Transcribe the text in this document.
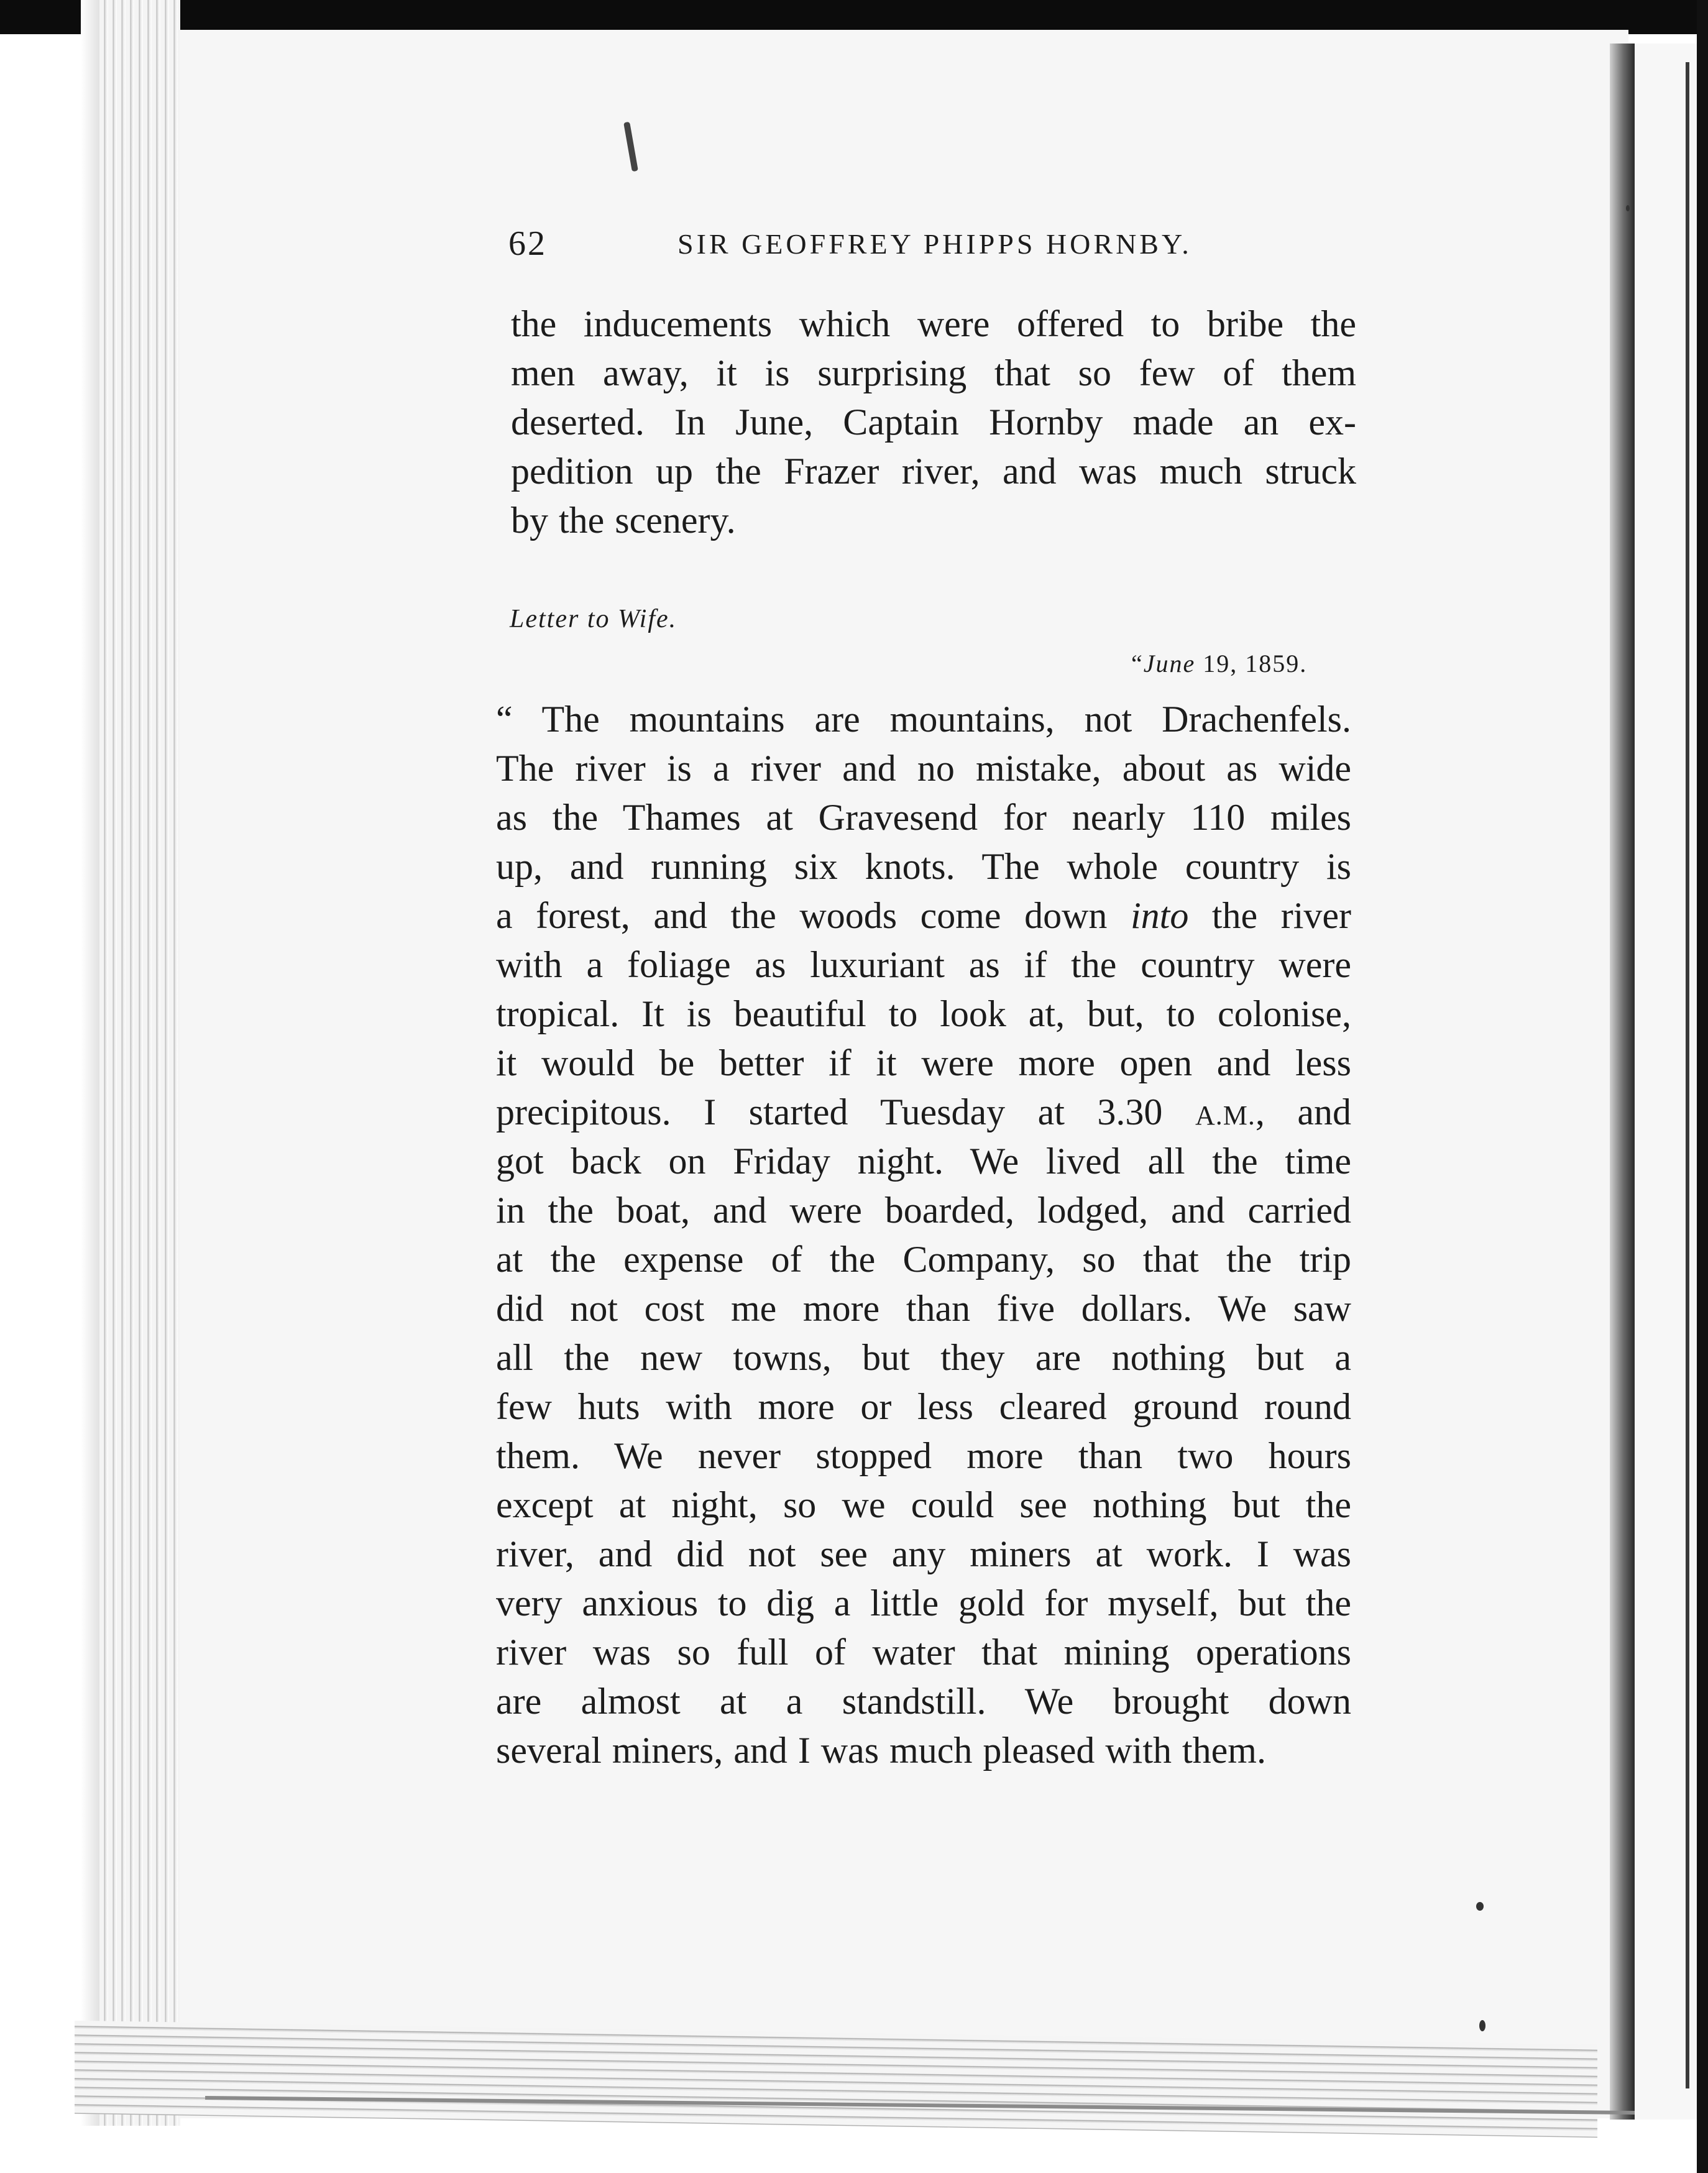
62	SIR GEOFFREY PHIPPS HORNBY.
the inducements which were offered to bribe the
men away, it is surprising that so few of them
deserted. In June, Captain Hornby made an ex-
pedition up the Frazer river, and was much struck
by the scenery.
Letter to Wife.
“June 19, 1859.
“ The mountains are mountains, not Drachenfels.
The river is a river and no mistake, about as wide
as the Thames at Gravesend for nearly 110 miles
up, and running six knots. The whole country is
a forest, and the woods come down into the river
with a foliage as luxuriant as if the country were
tropical. It is beautiful to look at, but, to colonise,
it would be better if it were more open and less
precipitous. I started Tuesday at 3.30 A.M., and
got back on Friday night. We lived all the time
in the boat, and were boarded, lodged, and carried
at the expense of the Company, so that the trip
did not cost me more than five dollars. We saw
all the new towns, but they are nothing but a
few huts with more or less cleared ground round
them. We never stopped more than two hours
except at night, so we could see nothing but the
river, and did not see any miners at work. I was
very anxious to dig a little gold for myself, but the
river was so full of water that mining operations
are almost at a standstill. We brought down
several miners, and I was much pleased with them.
